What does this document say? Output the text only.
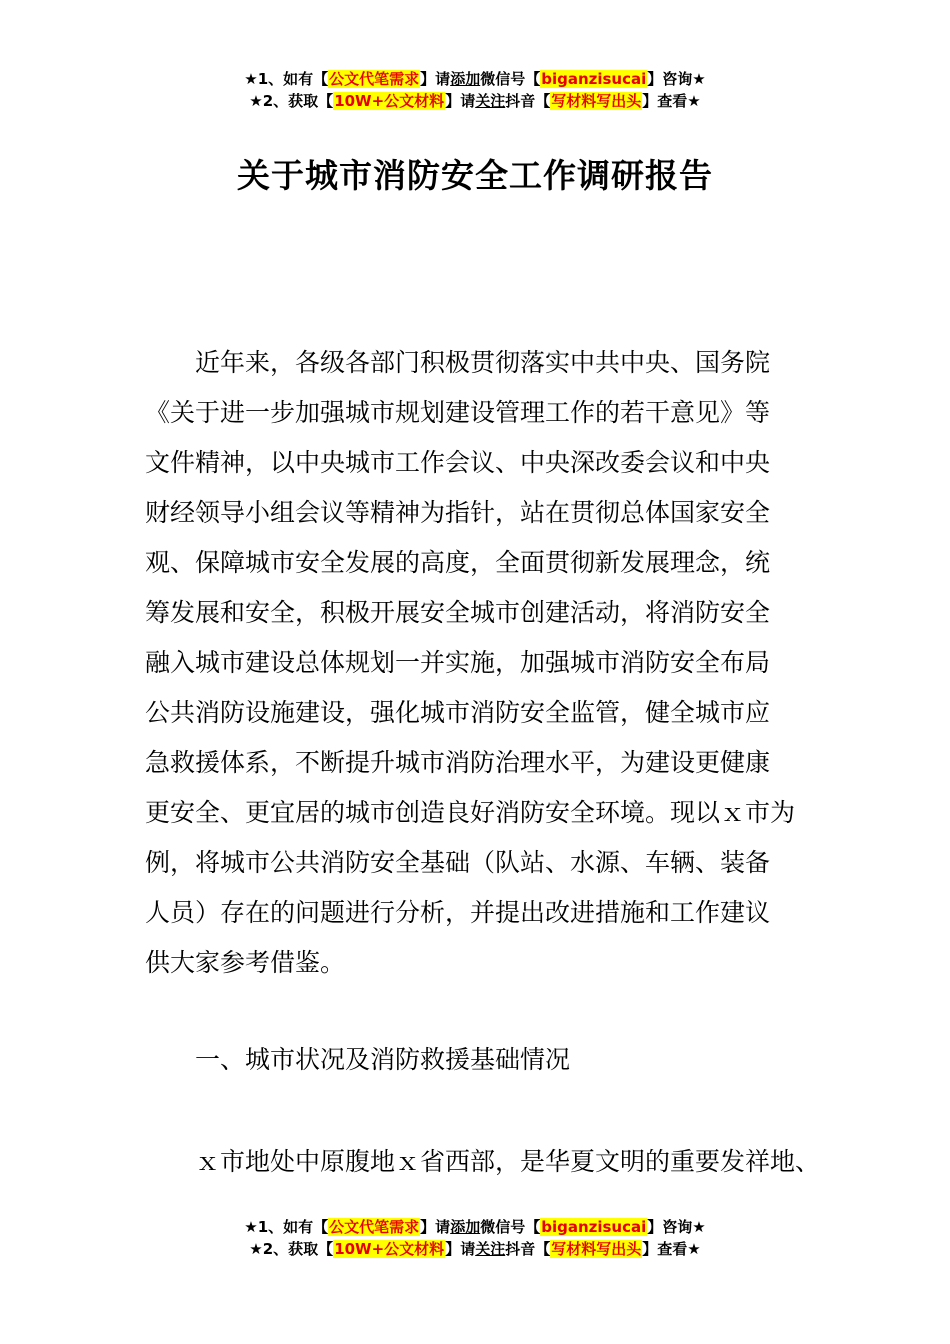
★1、如有【公文代笔需求】请添加微信号【biganzisucai】咨询★
★2、获取【10W+公文材料】请关注抖音【写材料写出头】查看★
关于城市消防安全工作调研报告
　　近年来，各级各部门积极贯彻落实中共中央、国务院
《关于进一步加强城市规划建设管理工作的若干意见》等
文件精神，以中央城市工作会议、中央深改委会议和中央
财经领导小组会议等精神为指针，站在贯彻总体国家安全
观、保障城市安全发展的高度，全面贯彻新发展理念，统
筹发展和安全，积极开展安全城市创建活动，将消防安全
融入城市建设总体规划一并实施，加强城市消防安全布局
公共消防设施建设，强化城市消防安全监管，健全城市应
急救援体系，不断提升城市消防治理水平，为建设更健康
更安全、更宜居的城市创造良好消防安全环境。现以ｘ市为
例，将城市公共消防安全基础（队站、水源、车辆、装备
人员）存在的问题进行分析，并提出改进措施和工作建议
供大家参考借鉴。
一、城市状况及消防救援基础情况
ｘ市地处中原腹地ｘ省西部，是华夏文明的重要发祥地、
★1、如有【公文代笔需求】请添加微信号【biganzisucai】咨询★
★2、获取【10W+公文材料】请关注抖音【写材料写出头】查看★
